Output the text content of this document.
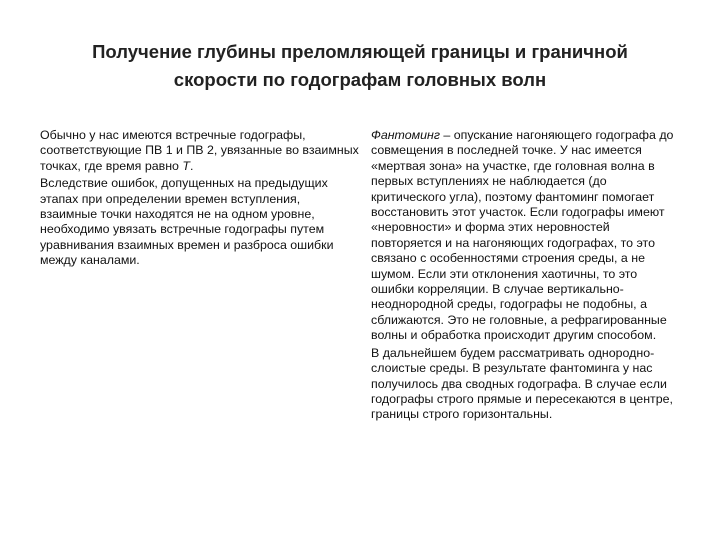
Получение глубины преломляющей границы и граничной
скорости по годографам головных волн

Обычно у нас имеются встречные годографы, соответствующие ПВ 1 и ПВ 2, увязанные во взаимных точках, где время равно T.

Вследствие ошибок, допущенных на предыдущих этапах при определении времен вступления, взаимные точки находятся не на одном уровне, необходимо увязать встречные годографы путем уравнивания взаимных времен и разброса ошибки между каналами.

Фантоминг – опускание нагоняющего годографа до совмещения в последней точке. У нас имеется «мертвая зона» на участке, где головная волна в первых вступлениях не наблюдается (до критического угла), поэтому фантоминг помогает восстановить этот участок. Если годографы имеют «неровности» и форма этих неровностей повторяется и на нагоняющих годографах, то это связано с особенностями строения среды, а не шумом. Если эти отклонения хаотичны, то это ошибки корреляции. В случае вертикально-неоднородной среды, годографы не подобны, а сближаются. Это не головные, а рефрагированные волны и обработка происходит другим способом.

В дальнейшем будем рассматривать однородно-слоистые среды. В результате фантоминга у нас получилось два сводных годографа. В случае если годографы строго прямые и пересекаются в центре, границы строго горизонтальны.
